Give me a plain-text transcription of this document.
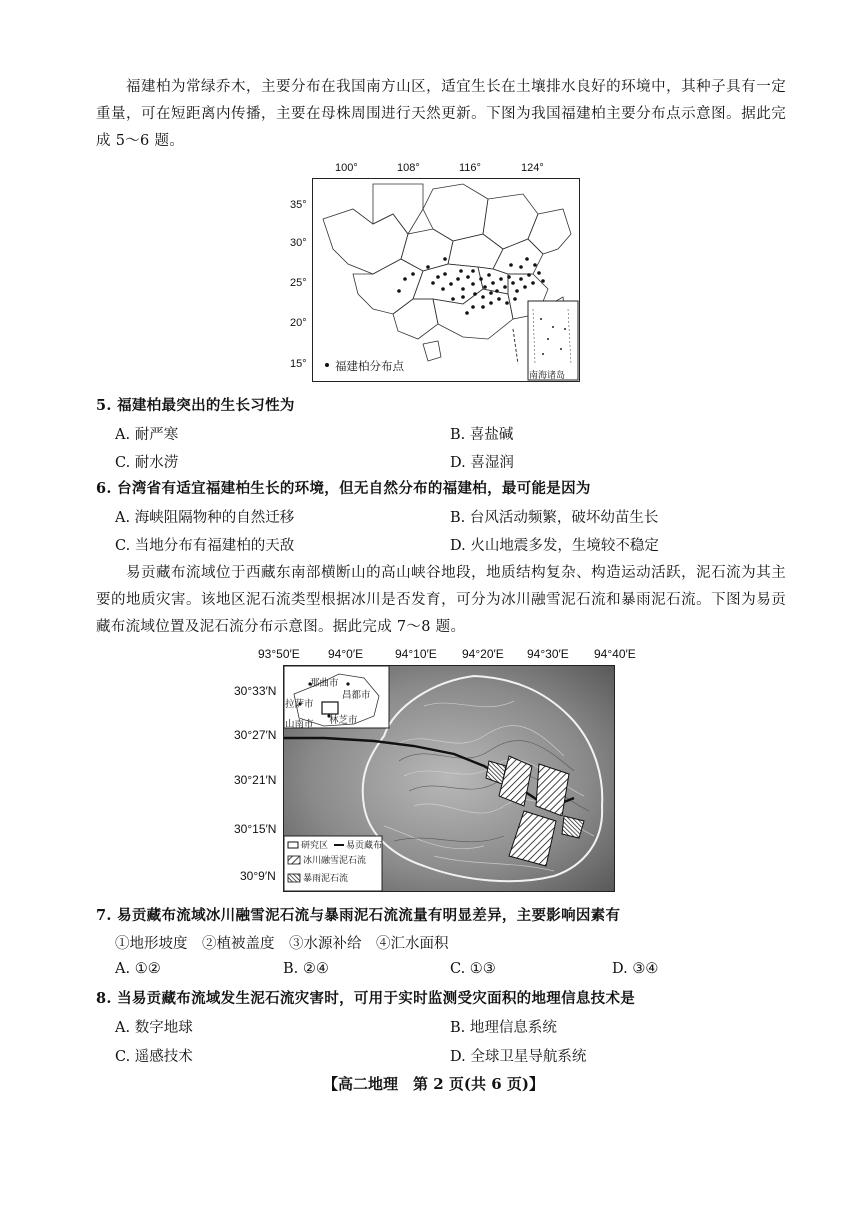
福建柏为常绿乔木，主要分布在我国南方山区，适宜生长在土壤排水良好的环境中，其种子具有一定重量，可在短距离内传播，主要在母株周围进行天然更新。下图为我国福建柏主要分布点示意图。据此完成 5～6 题。
100°	108°	116°	124°
35°
30°
25°
20°
15° 福建柏分布点
南海诸岛
5. 福建柏最突出的生长习性为
A. 耐严寒	B. 喜盐碱
C. 耐水涝	D. 喜湿润
6. 台湾省有适宜福建柏生长的环境，但无自然分布的福建柏，最可能是因为
A. 海峡阻隔物种的自然迁移	B. 台风活动频繁，破坏幼苗生长
C. 当地分布有福建柏的天敌	D. 火山地震多发，生境较不稳定
易贡藏布流域位于西藏东南部横断山的高山峡谷地段，地质结构复杂、构造运动活跃，泥石流为其主要的地质灾害。该地区泥石流类型根据冰川是否发育，可分为冰川融雪泥石流和暴雨泥石流。下图为易贡藏布流域位置及泥石流分布示意图。据此完成 7～8 题。
93°50′E 94°0′E	94°10′E 94°20′E 94°30′E 94°40′E
30°33′N
30°27′N
30°21′N
30°15′N
30°9′N
那曲市
昌都市
拉萨市
山南市 林芝市
研究区 易贡藏布
冰川融雪泥石流
暴雨泥石流
7. 易贡藏布流域冰川融雪泥石流与暴雨泥石流流量有明显差异，主要影响因素有
①地形坡度　②植被盖度　③水源补给　④汇水面积
A. ①②	B. ②④	C. ①③	D. ③④
8. 当易贡藏布流域发生泥石流灾害时，可用于实时监测受灾面积的地理信息技术是
A. 数字地球	B. 地理信息系统
C. 遥感技术	D. 全球卫星导航系统
【高二地理　第 2 页(共 6 页)】
